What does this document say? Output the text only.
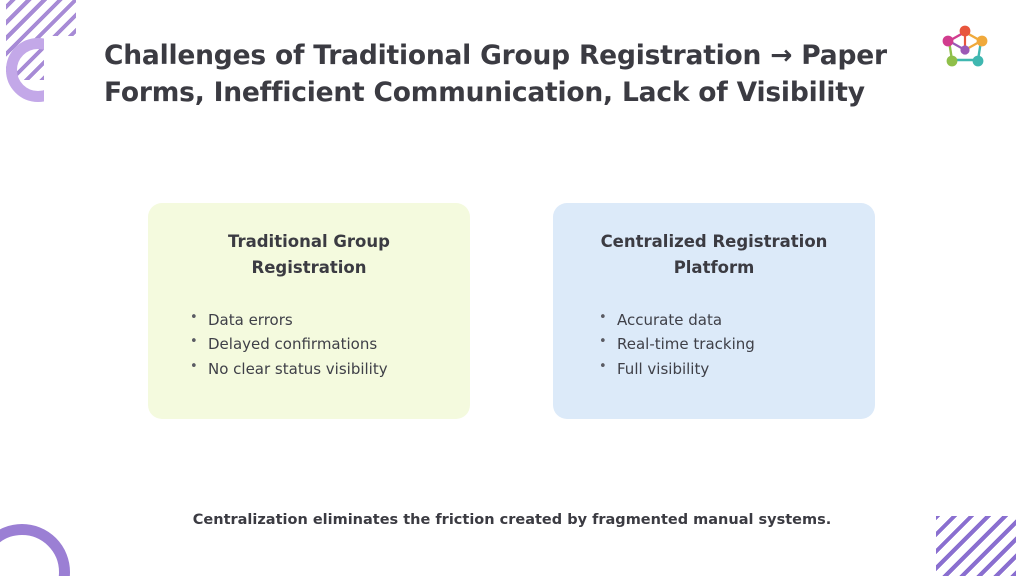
Challenges of Traditional Group Registration → Paper Forms, Inefficient Communication, Lack of Visibility
Traditional Group Registration
• Data errors
• Delayed confirmations
• No clear status visibility
Centralized Registration Platform
• Accurate data
• Real-time tracking
• Full visibility
Centralization eliminates the friction created by fragmented manual systems.
